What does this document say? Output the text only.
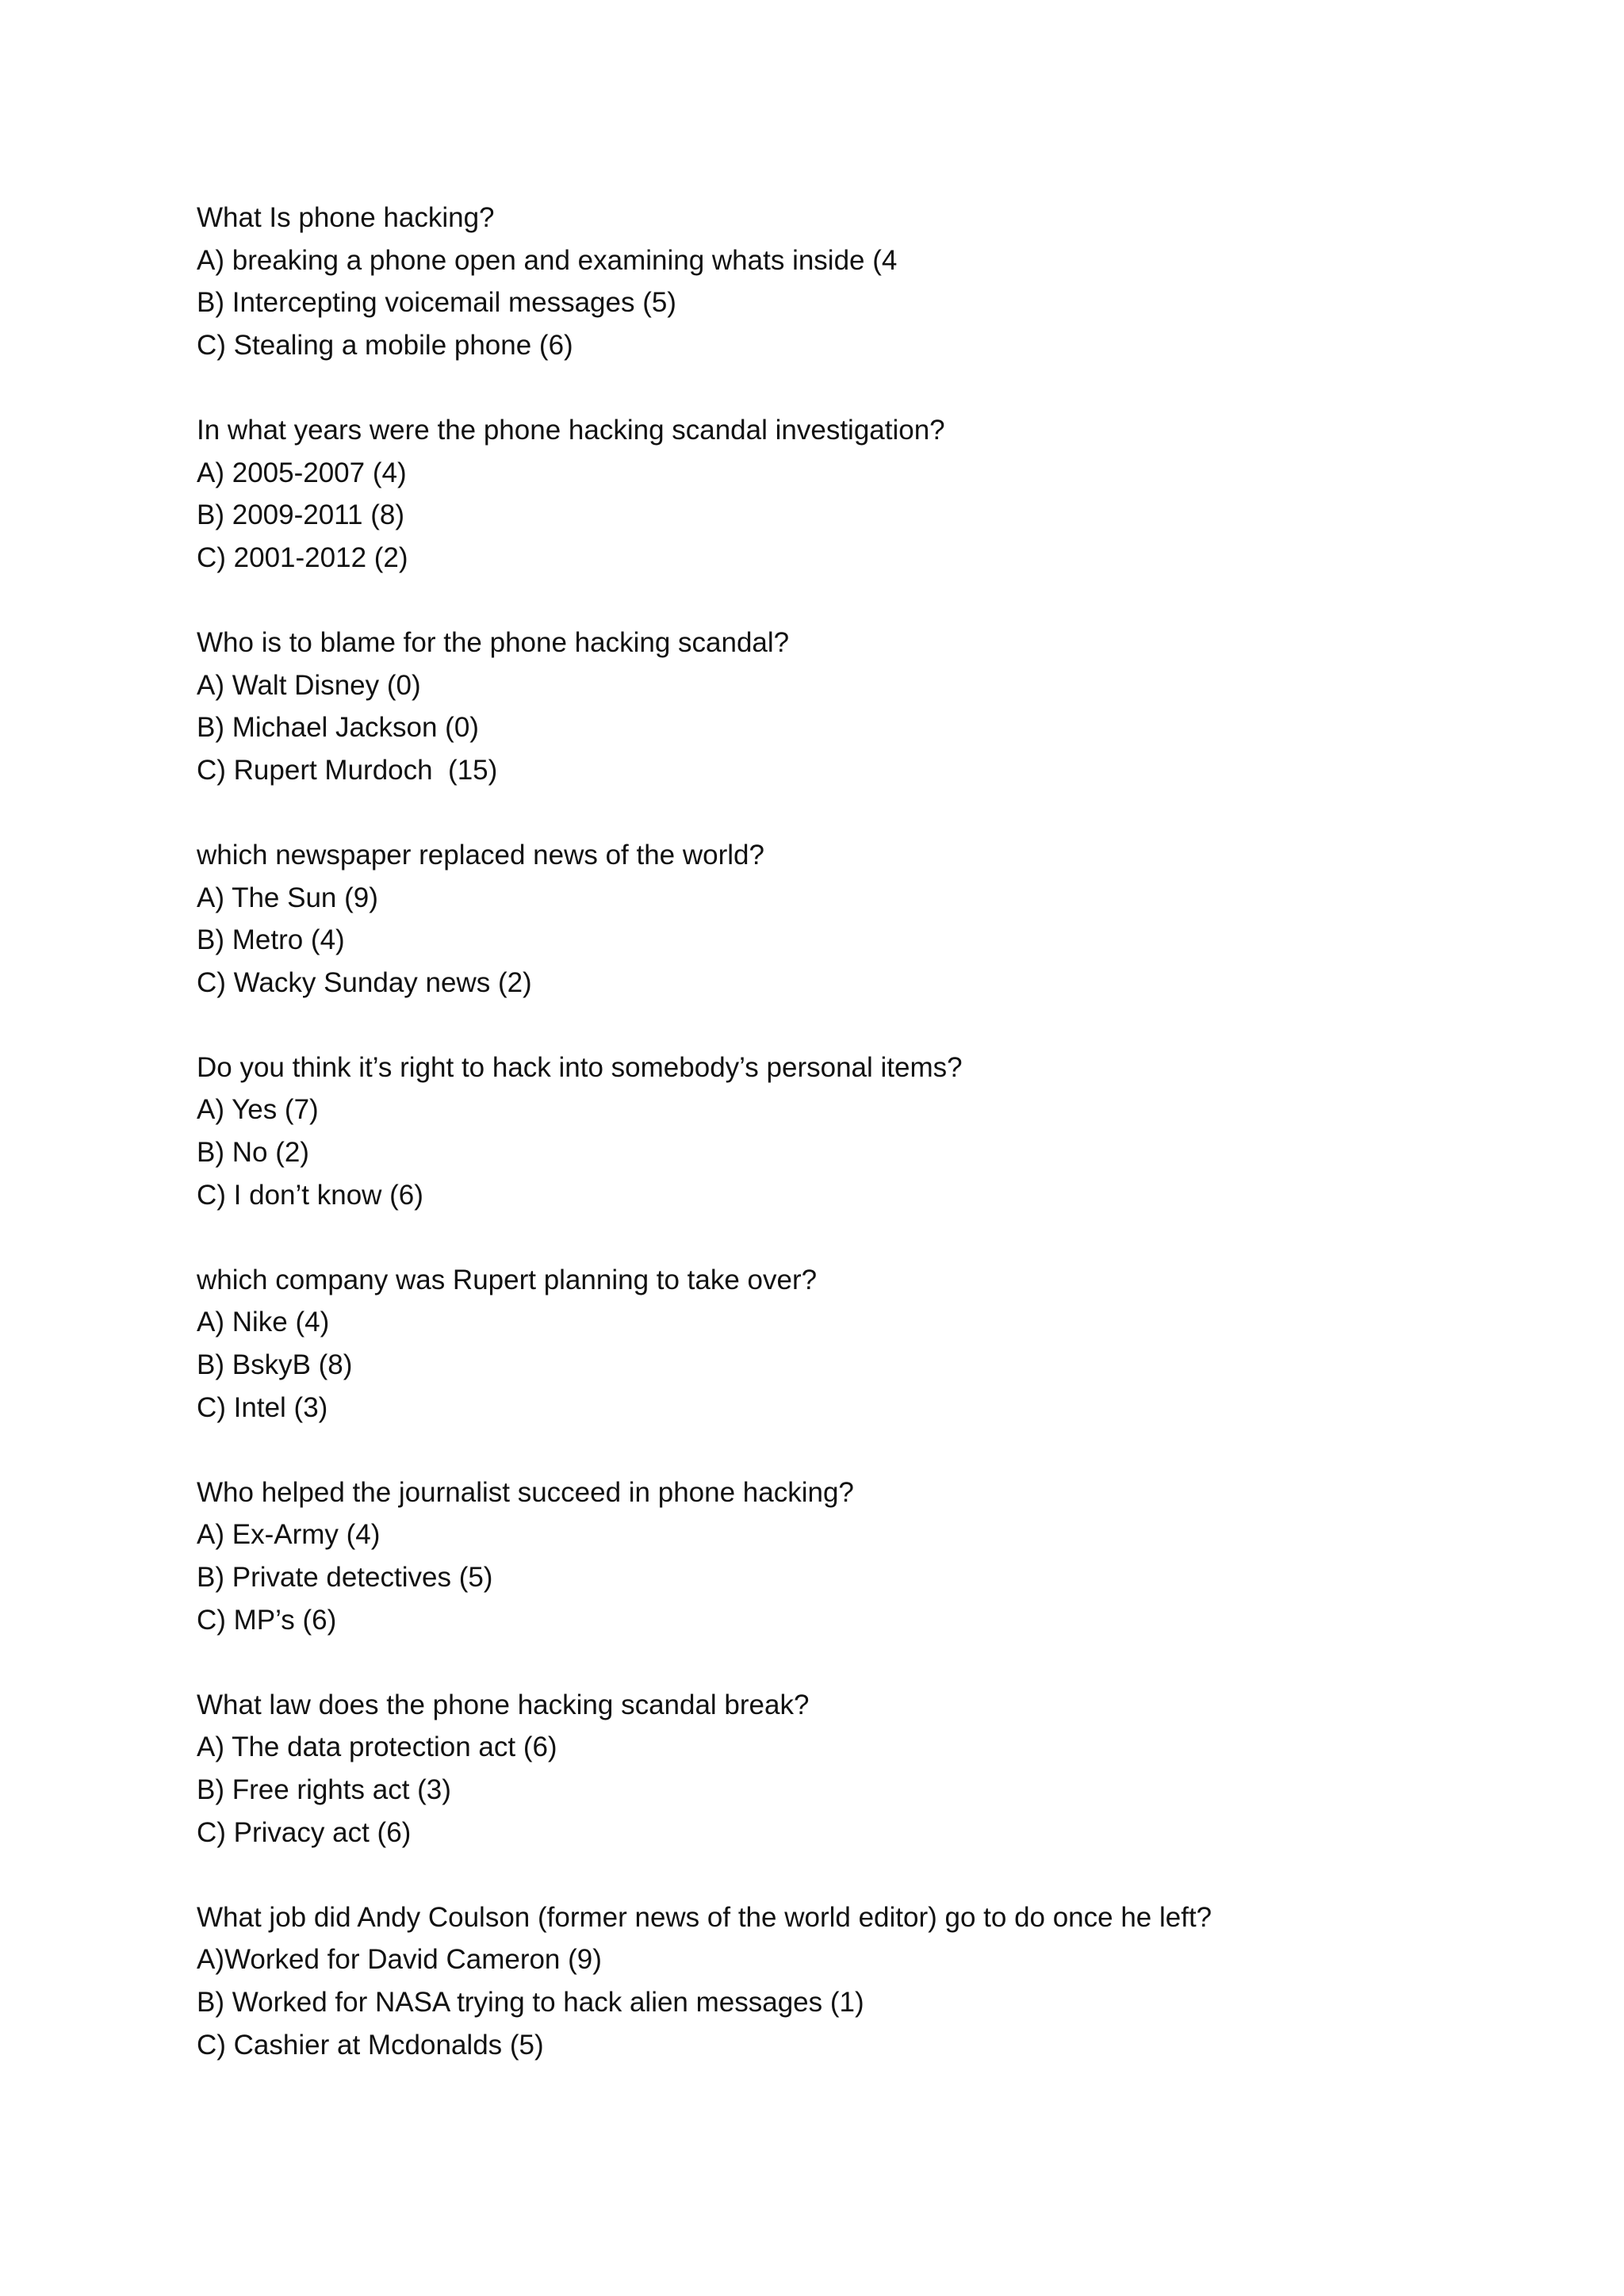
What Is phone hacking?
A) breaking a phone open and examining whats inside (4
B) Intercepting voicemail messages (5)
C) Stealing a mobile phone (6)
In what years were the phone hacking scandal investigation?
A) 2005-2007 (4)
B) 2009-2011 (8)
C) 2001-2012 (2)
Who is to blame for the phone hacking scandal?
A) Walt Disney (0)
B) Michael Jackson (0)
C) Rupert Murdoch  (15)
which newspaper replaced news of the world?
A) The Sun (9)
B) Metro (4)
C) Wacky Sunday news (2)
Do you think it’s right to hack into somebody’s personal items?
A) Yes (7)
B) No (2)
C) I don’t know (6)
which company was Rupert planning to take over?
A) Nike (4)
B) BskyB (8)
C) Intel (3)
Who helped the journalist succeed in phone hacking?
A) Ex-Army (4)
B) Private detectives (5)
C) MP’s (6)
What law does the phone hacking scandal break?
A) The data protection act (6)
B) Free rights act (3)
C) Privacy act (6)
What job did Andy Coulson (former news of the world editor) go to do once he left?
A)Worked for David Cameron (9)
B) Worked for NASA trying to hack alien messages (1)
C) Cashier at Mcdonalds (5)
